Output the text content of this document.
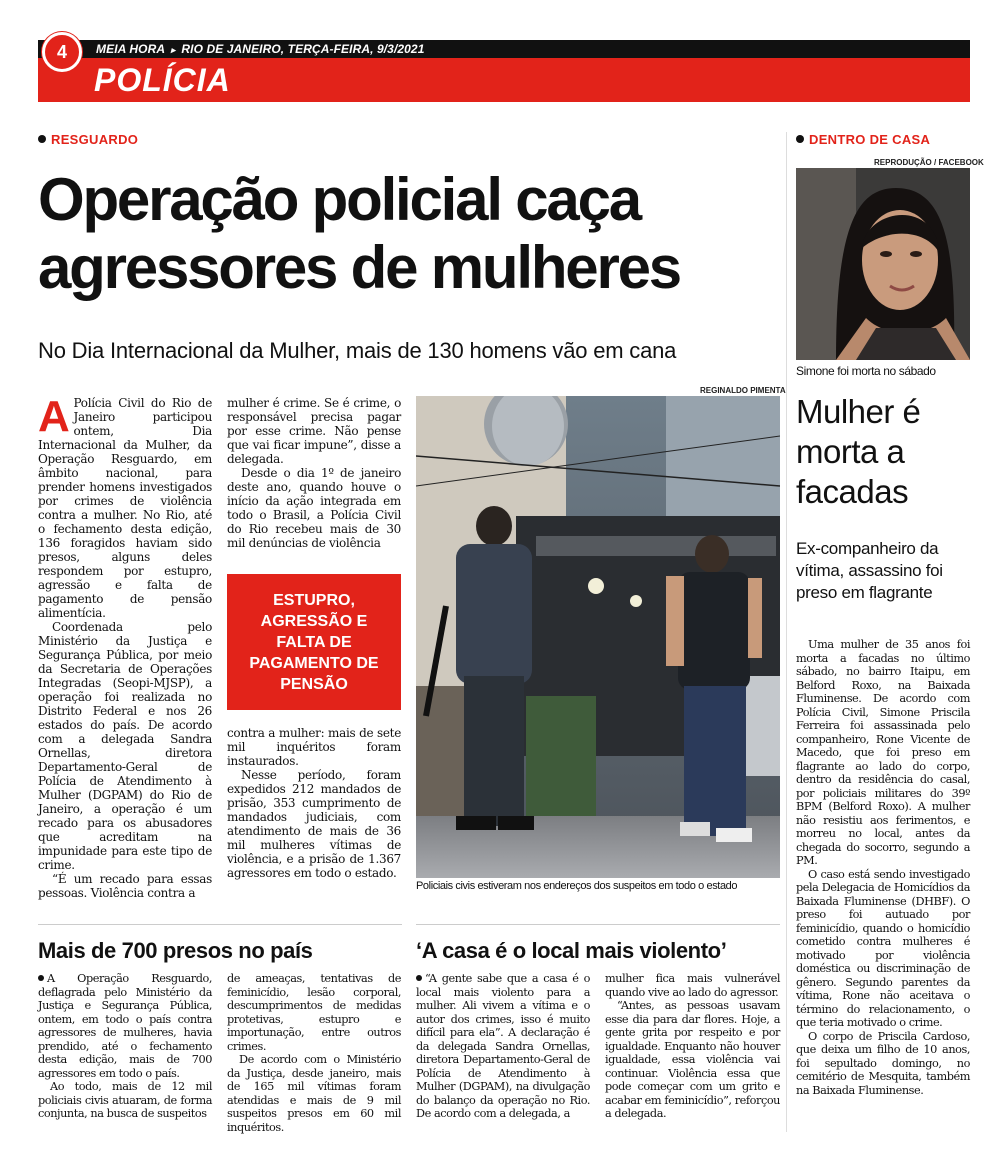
4	MEIA HORA  ▸  RIO DE JANEIRO, TERÇA-FEIRA, 9/3/2021
POLÍCIA
RESGUARDO
Operação policial caça
agressores de mulheres
No Dia Internacional da Mulher, mais de 130 homens vão em cana
A Polícia Civil do Rio de Janeiro participou ontem, Dia Internacional da Mulher, da Operação Resguardo, em âmbito nacional, para prender homens investigados por crimes de violência contra a mulher. No Rio, até o fechamento desta edição, 136 foragidos haviam sido presos, alguns deles respondem por estupro, agressão e falta de pagamento de pensão alimentícia.

Coordenada pelo Ministério da Justiça e Segurança Pública, por meio da Secretaria de Operações Integradas (Seopi-MJSP), a operação foi realizada no Distrito Federal e nos 26 estados do país. De acordo com a delegada Sandra Ornellas, diretora Departamento-Geral de Polícia de Atendimento à Mulher (DGPAM) do Rio de Janeiro, a operação é um recado para os abusadores que acreditam na impunidade para este tipo de crime.

“É um recado para essas pessoas. Violência contra a

mulher é crime. Se é crime, o responsável precisa pagar por esse crime. Não pense que vai ficar impune”, disse a delegada.

Desde o dia 1º de janeiro deste ano, quando houve o início da ação integrada em todo o Brasil, a Polícia Civil do Rio recebeu mais de 30 mil denúncias de violência

ESTUPRO, AGRESSÃO E FALTA DE PAGAMENTO DE PENSÃO

contra a mulher: mais de sete mil inquéritos foram instaurados.

Nesse período, foram expedidos 212 mandados de prisão, 353 cumprimento de mandados judiciais, com atendimento de mais de 36 mil mulheres vítimas de violência, e a prisão de 1.367 agressores em todo o estado.

REGINALDO PIMENTA
Policiais civis estiveram nos endereços dos suspeitos em todo o estado
Mais de 700 presos no país

A Operação Resguardo, deflagrada pelo Ministério da Justiça e Segurança Pública, ontem, em todo o país contra agressores de mulheres, havia prendido, até o fechamento desta edição, mais de 700 agressores em todo o país.

Ao todo, mais de 12 mil policiais civis atuaram, de forma conjunta, na busca de suspeitos

de ameaças, tentativas de feminicídio, lesão corporal, descumprimentos de medidas protetivas, estupro e importunação, entre outros crimes.

De acordo com o Ministério da Justiça, desde janeiro, mais de 165 mil vítimas foram atendidas e mais de 9 mil suspeitos presos em 60 mil inquéritos.

‘A casa é o local mais violento’

“A gente sabe que a casa é o local mais violento para a mulher. Ali vivem a vítima e o autor dos crimes, isso é muito difícil para ela”. A declaração é da delegada Sandra Ornellas, diretora Departamento-Geral de Polícia de Atendimento à Mulher (DGPAM), na divulgação do balanço da operação no Rio. De acordo com a delegada, a

mulher fica mais vulnerável quando vive ao lado do agressor.

“Antes, as pessoas usavam esse dia para dar flores. Hoje, a gente grita por respeito e por igualdade. Enquanto não houver igualdade, essa violência vai continuar. Violência essa que pode começar com um grito e acabar em feminicídio”, reforçou a delegada.

DENTRO DE CASA
REPRODUÇÃO / FACEBOOK
Simone foi morta no sábado
Mulher é morta a facadas
Ex-companheiro da vítima, assassino foi preso em flagrante

Uma mulher de 35 anos foi morta a facadas no último sábado, no bairro Itaipu, em Belford Roxo, na Baixada Fluminense. De acordo com Polícia Civil, Simone Priscila Ferreira foi assassinada pelo companheiro, Rone Vicente de Macedo, que foi preso em flagrante ao lado do corpo, dentro da residência do casal, por policiais militares do 39º BPM (Belford Roxo). A mulher não resistiu aos ferimentos, e morreu no local, antes da chegada do socorro, segundo a PM.

O caso está sendo investigado pela Delegacia de Homicídios da Baixada Fluminense (DHBF). O preso foi autuado por feminicídio, quando o homicídio cometido contra mulheres é motivado por violência doméstica ou discriminação de gênero. Segundo parentes da vítima, Rone não aceitava o término do relacionamento, o que teria motivado o crime.

O corpo de Priscila Cardoso, que deixa um filho de 10 anos, foi sepultado domingo, no cemitério de Mesquita, também na Baixada Fluminense.
